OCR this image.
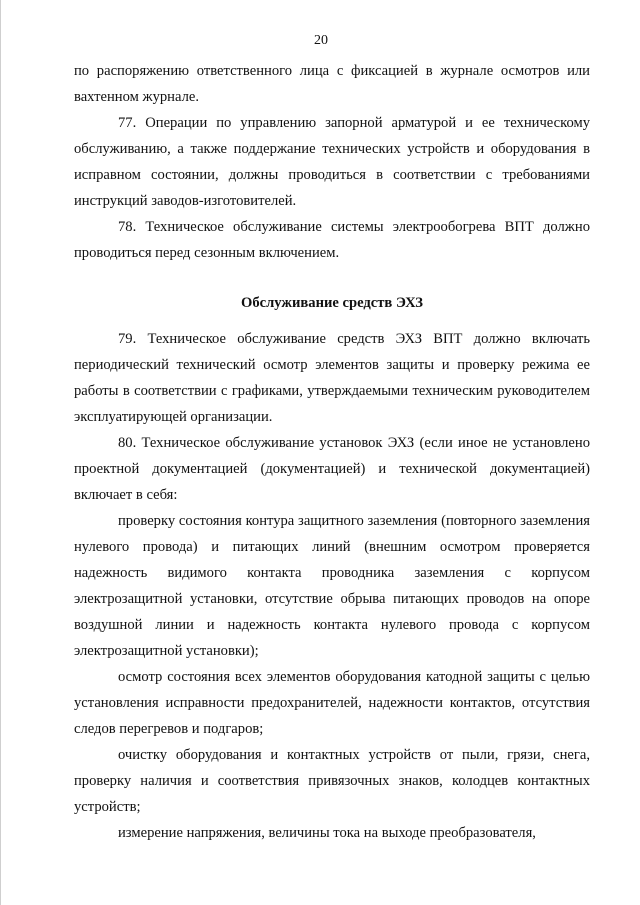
20

по распоряжению ответственного лица с фиксацией в журнале осмотров или вахтенном журнале.

77. Операции по управлению запорной арматурой и ее техническому обслуживанию, а также поддержание технических устройств и оборудования в исправном состоянии, должны проводиться в соответствии с требованиями инструкций заводов-изготовителей.

78. Техническое обслуживание системы электрообогрева ВПТ должно проводиться перед сезонным включением.

Обслуживание средств ЭХЗ

79. Техническое обслуживание средств ЭХЗ ВПТ должно включать периодический технический осмотр элементов защиты и проверку режима ее работы в соответствии с графиками, утверждаемыми техническим руководителем эксплуатирующей организации.

80. Техническое обслуживание установок ЭХЗ (если иное не установлено проектной документацией (документацией) и технической документацией) включает в себя:

проверку состояния контура защитного заземления (повторного заземления нулевого провода) и питающих линий (внешним осмотром проверяется надежность видимого контакта проводника заземления с корпусом электрозащитной установки, отсутствие обрыва питающих проводов на опоре воздушной линии и надежность контакта нулевого провода с корпусом электрозащитной установки);

осмотр состояния всех элементов оборудования катодной защиты с целью установления исправности предохранителей, надежности контактов, отсутствия следов перегревов и подгаров;

очистку оборудования и контактных устройств от пыли, грязи, снега, проверку наличия и соответствия привязочных знаков, колодцев контактных устройств;

измерение напряжения, величины тока на выходе преобразователя,
